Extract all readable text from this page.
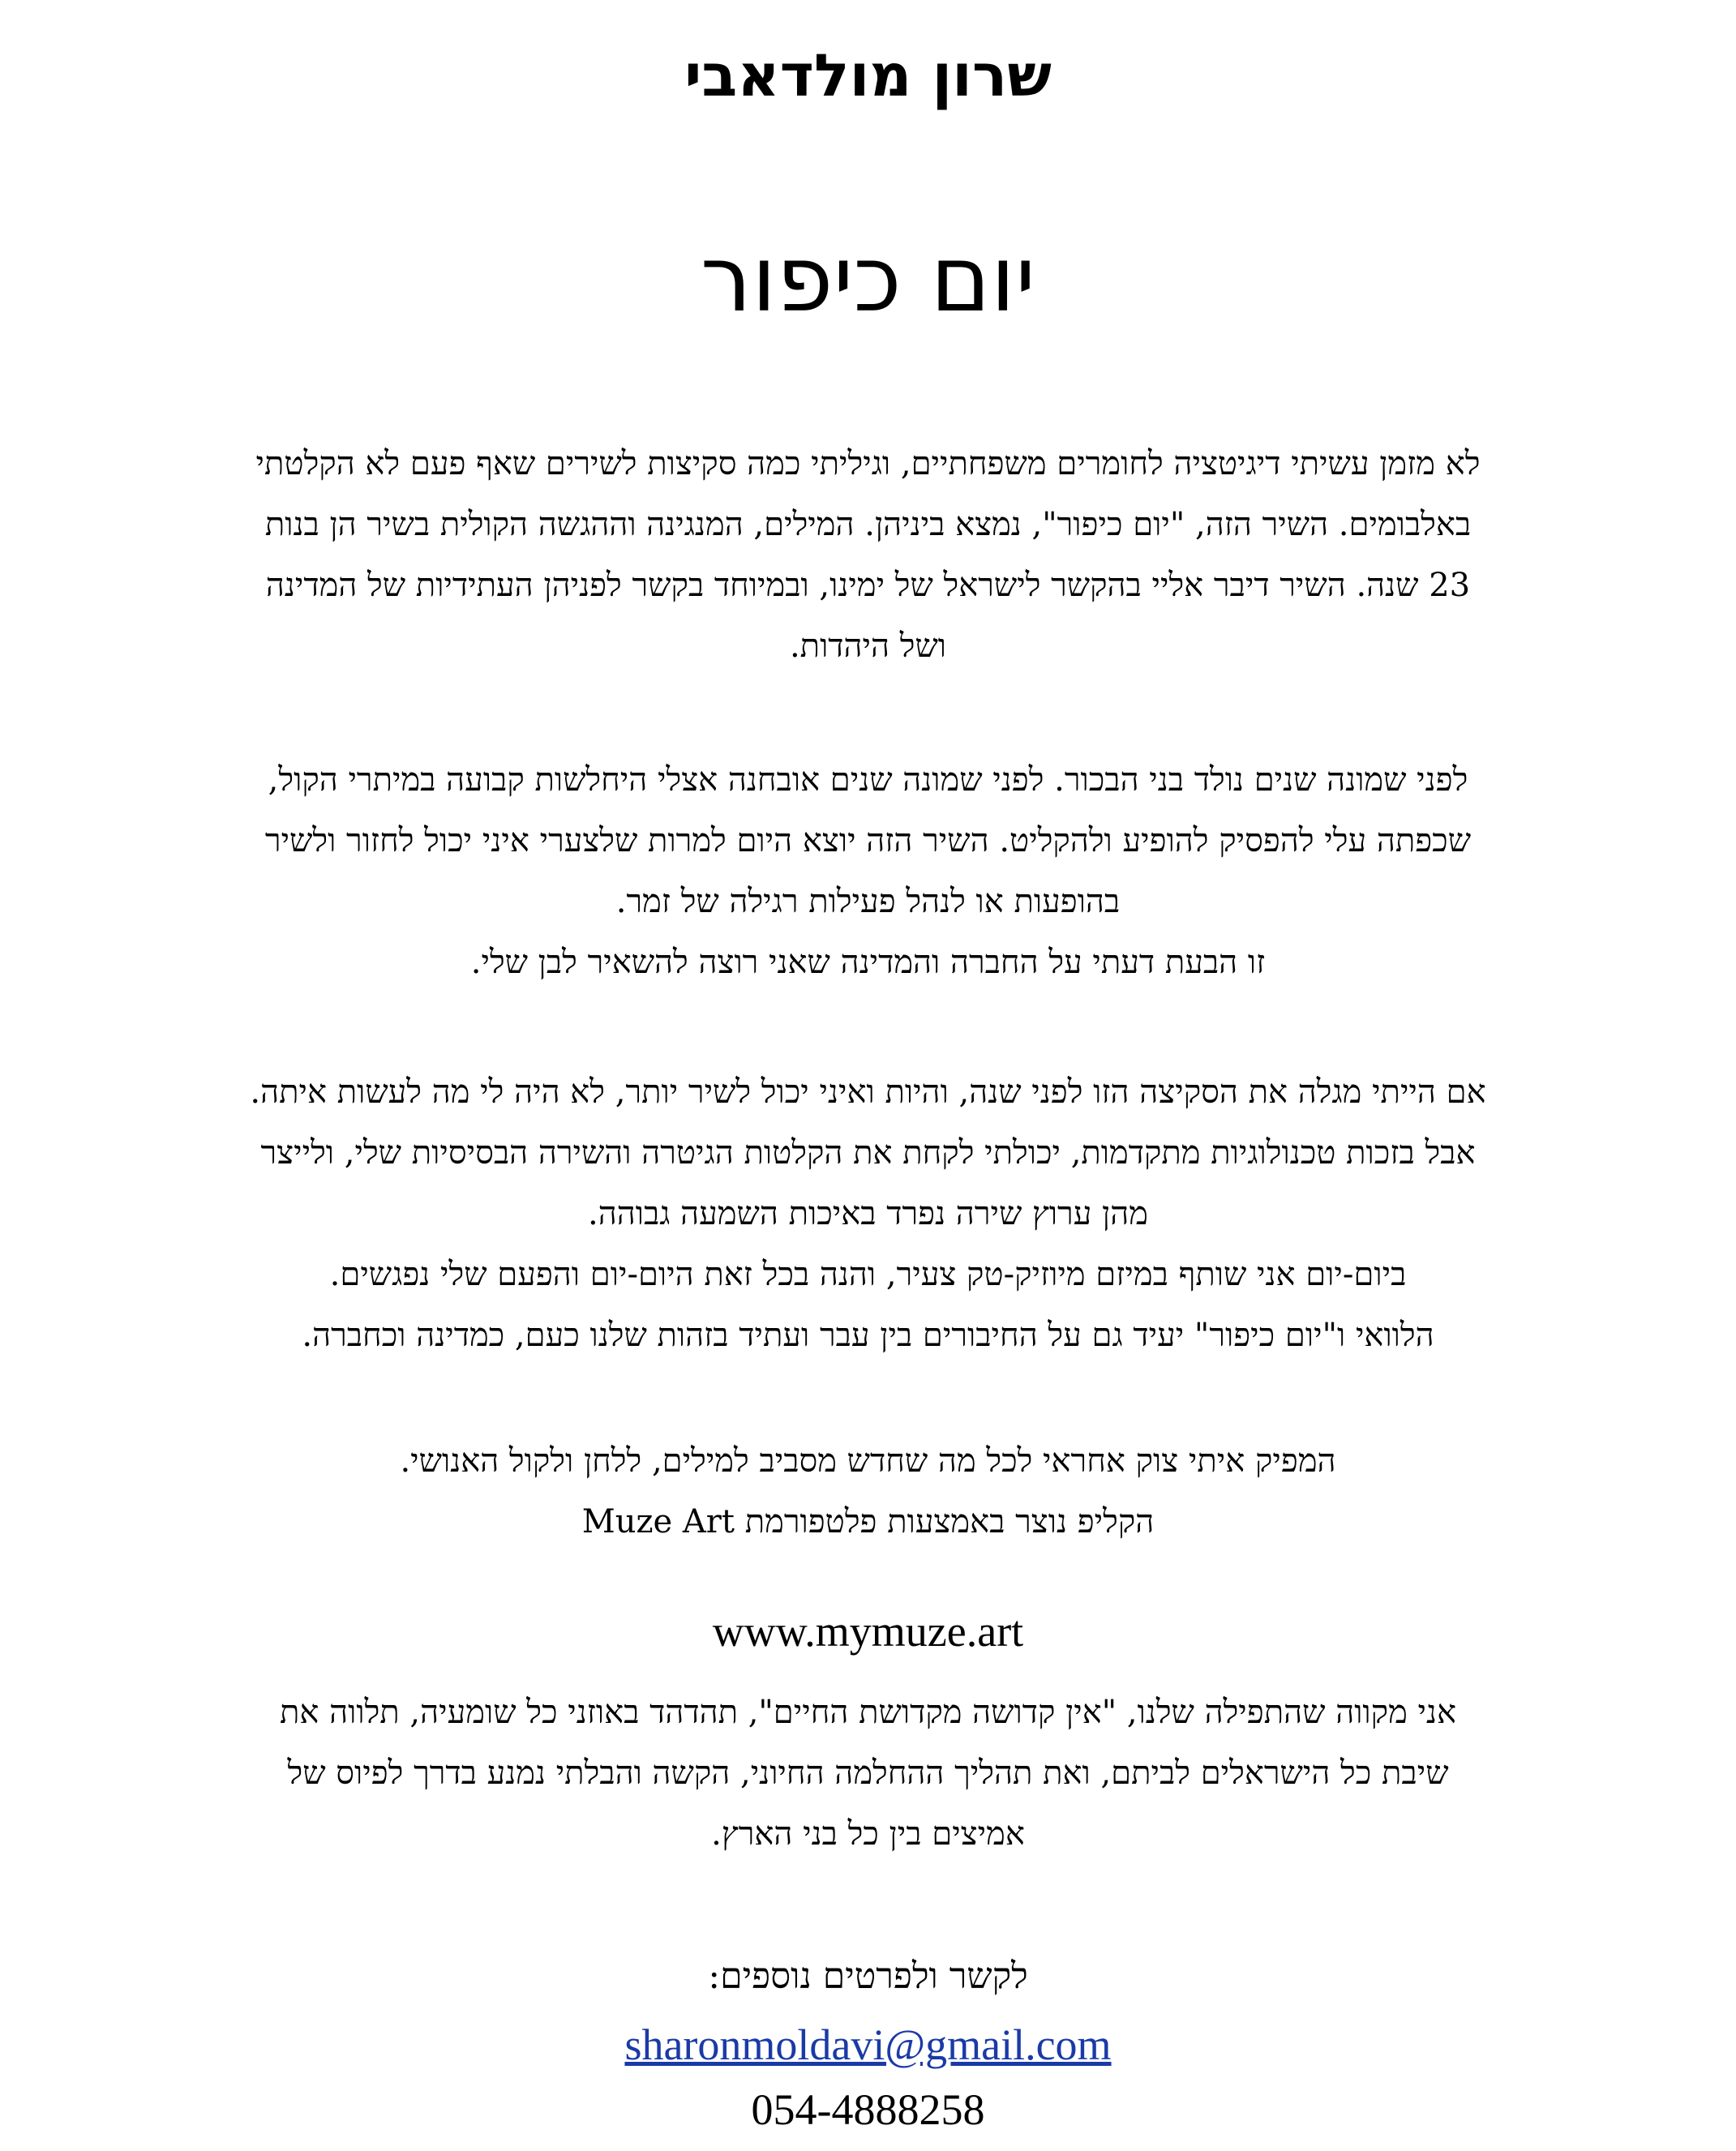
שרון מולדאבי
יום כיפור
לא מזמן עשיתי דיגיטציה לחומרים משפחתיים, וגיליתי כמה סקיצות לשירים שאף פעם לא הקלטתי
באלבומים. השיר הזה, "יום כיפור", נמצא ביניהן. המילים, המנגינה וההגשה הקולית בשיר הן בנות
23 שנה. השיר דיבר אליי בהקשר לישראל של ימינו, ובמיוחד בקשר לפניהן העתידיות של המדינה
ושל היהדות.
לפני שמונה שנים נולד בני הבכור. לפני שמונה שנים אובחנה אצלי היחלשות קבועה במיתרי הקול,
שכפתה עלי להפסיק להופיע ולהקליט. השיר הזה יוצא היום למרות שלצערי איני יכול לחזור ולשיר
בהופעות או לנהל פעילות רגילה של זמר.
זו הבעת דעתי על החברה והמדינה שאני רוצה להשאיר לבן שלי.
אם הייתי מגלה את הסקיצה הזו לפני שנה, והיות ואיני יכול לשיר יותר, לא היה לי מה לעשות איתה.
אבל בזכות טכנולוגיות מתקדמות, יכולתי לקחת את הקלטות הגיטרה והשירה הבסיסיות שלי, ולייצר
מהן ערוץ שירה נפרד באיכות השמעה גבוהה.
ביום-יום אני שותף במיזם מיוזיק-טק צעיר, והנה בכל זאת היום-יום והפעם שלי נפגשים.
הלוואי ו"יום כיפור" יעיד גם על החיבורים בין עבר ועתיד בזהות שלנו כעם, כמדינה וכחברה.
המפיק איתי צוק אחראי לכל מה שחדש מסביב למילים, ללחן ולקול האנושי.
הקליפ נוצר באמצעות פלטפורמת Muze Art
www.mymuze.art
אני מקווה שהתפילה שלנו, "אין קדושה מקדושת החיים", תהדהד באוזני כל שומעיה, תלווה את
שיבת כל הישראלים לביתם, ואת תהליך ההחלמה החיוני, הקשה והבלתי נמנע בדרך לפיוס של
אמיצים בין כל בני הארץ.
לקשר ולפרטים נוספים:
sharonmoldavi@gmail.com
054-4888258
